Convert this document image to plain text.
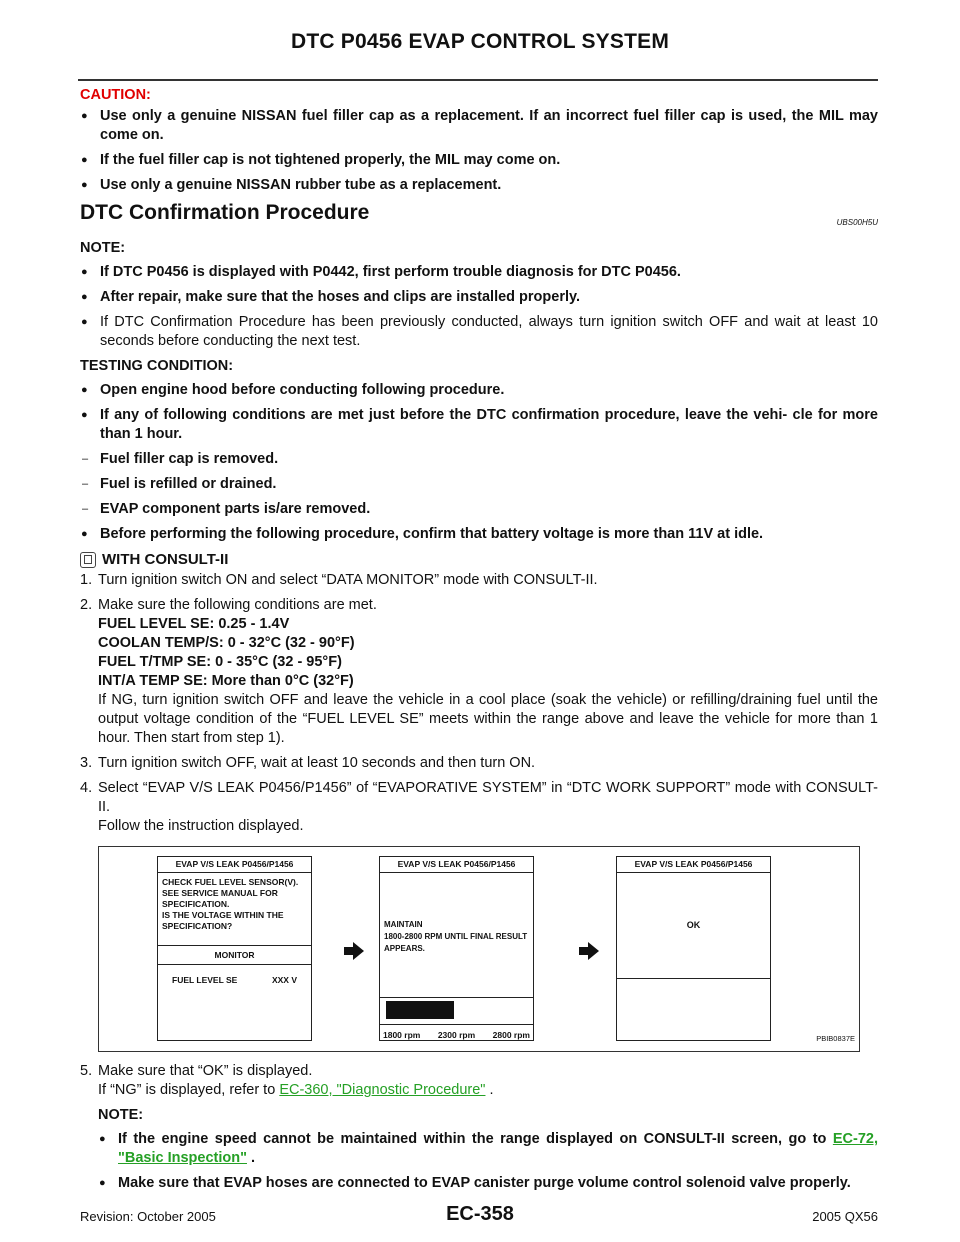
DTC P0456 EVAP CONTROL SYSTEM
CAUTION:
● Use only a genuine NISSAN fuel filler cap as a replacement. If an incorrect fuel filler cap is used, the MIL may come on.
● If the fuel filler cap is not tightened properly, the MIL may come on.
● Use only a genuine NISSAN rubber tube as a replacement.
DTC Confirmation Procedure	UBS00H5U
NOTE:
● If DTC P0456 is displayed with P0442, first perform trouble diagnosis for DTC P0456.
● After repair, make sure that the hoses and clips are installed properly.
● If DTC Confirmation Procedure has been previously conducted, always turn ignition switch OFF and wait at least 10 seconds before conducting the next test.
TESTING CONDITION:
● Open engine hood before conducting following procedure.
● If any of following conditions are met just before the DTC confirmation procedure, leave the vehi- cle for more than 1 hour.
– Fuel filler cap is removed.
– Fuel is refilled or drained.
– EVAP component parts is/are removed.
● Before performing the following procedure, confirm that battery voltage is more than 11V at idle.
WITH CONSULT-II
1. Turn ignition switch ON and select “DATA MONITOR” mode with CONSULT-II.
2. Make sure the following conditions are met.
FUEL LEVEL SE: 0.25 - 1.4V
COOLAN TEMP/S: 0 - 32°C (32 - 90°F)
FUEL T/TMP SE: 0 - 35°C (32 - 95°F)
INT/A TEMP SE: More than 0°C (32°F)
If NG, turn ignition switch OFF and leave the vehicle in a cool place (soak the vehicle) or refilling/draining fuel until the output voltage condition of the “FUEL LEVEL SE” meets within the range above and leave the vehicle for more than 1 hour. Then start from step 1).
3. Turn ignition switch OFF, wait at least 10 seconds and then turn ON.
4. Select “EVAP V/S LEAK P0456/P1456” of “EVAPORATIVE SYSTEM” in “DTC WORK SUPPORT” mode with CONSULT-II.
Follow the instruction displayed.
EVAP V/S LEAK P0456/P1456
CHECK FUEL LEVEL SENSOR(V).
SEE SERVICE MANUAL FOR
SPECIFICATION.
IS THE VOLTAGE WITHIN THE
SPECIFICATION?
MONITOR
FUEL LEVEL SE	XXX V
EVAP V/S LEAK P0456/P1456
MAINTAIN
1800-2800 RPM UNTIL FINAL RESULT
APPEARS.
1800 rpm 2300 rpm 2800 rpm
EVAP V/S LEAK P0456/P1456
OK
PBIB0837E
5. Make sure that “OK” is displayed.
If “NG” is displayed, refer to EC-360, "Diagnostic Procedure" .
NOTE:
● If the engine speed cannot be maintained within the range displayed on CONSULT-II screen, go to EC-72, "Basic Inspection" .
● Make sure that EVAP hoses are connected to EVAP canister purge volume control solenoid valve properly.
Revision: October 2005	EC-358	2005 QX56
